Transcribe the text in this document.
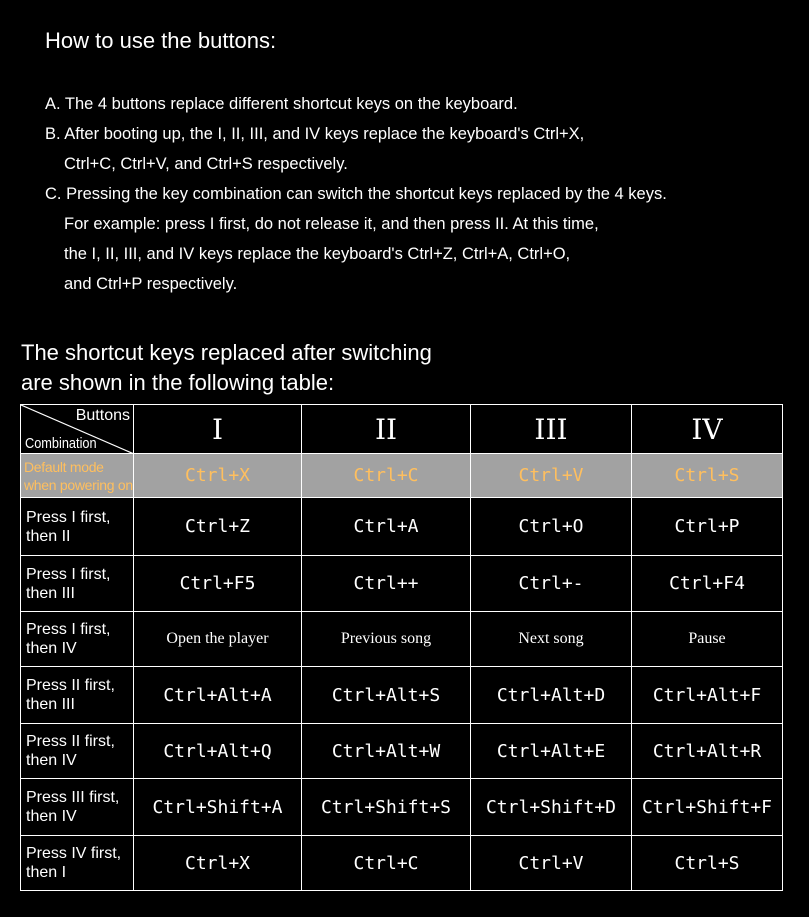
How to use the buttons:
A. The 4 buttons replace different shortcut keys on the keyboard.
B. After booting up, the I, II, III, and IV keys replace the keyboard's Ctrl+X,
Ctrl+C, Ctrl+V, and Ctrl+S respectively.
C. Pressing the key combination can switch the shortcut keys replaced by the 4 keys.
For example: press I first, do not release it, and then press II. At this time,
the I, II, III, and IV keys replace the keyboard's Ctrl+Z, Ctrl+A, Ctrl+O,
and Ctrl+P respectively.
The shortcut keys replaced after switching
are shown in the following table:
Buttons
Combination	I	II	III	IV

Default mode
when powering on	Ctrl+X	Ctrl+C	Ctrl+V	Ctrl+S

Press I first,
then II	Ctrl+Z	Ctrl+A	Ctrl+O	Ctrl+P

Press I first,
then III	Ctrl+F5	Ctrl++	Ctrl+-	Ctrl+F4

Press I first,
then IV	Open the player	Previous song	Next song	Pause

Press II first,
then III	Ctrl+Alt+A	Ctrl+Alt+S	Ctrl+Alt+D	Ctrl+Alt+F

Press II first,
then IV	Ctrl+Alt+Q	Ctrl+Alt+W	Ctrl+Alt+E	Ctrl+Alt+R

Press III first,
then IV	Ctrl+Shift+A	Ctrl+Shift+S	Ctrl+Shift+D	Ctrl+Shift+F

Press IV first,
then I	Ctrl+X	Ctrl+C	Ctrl+V	Ctrl+S
